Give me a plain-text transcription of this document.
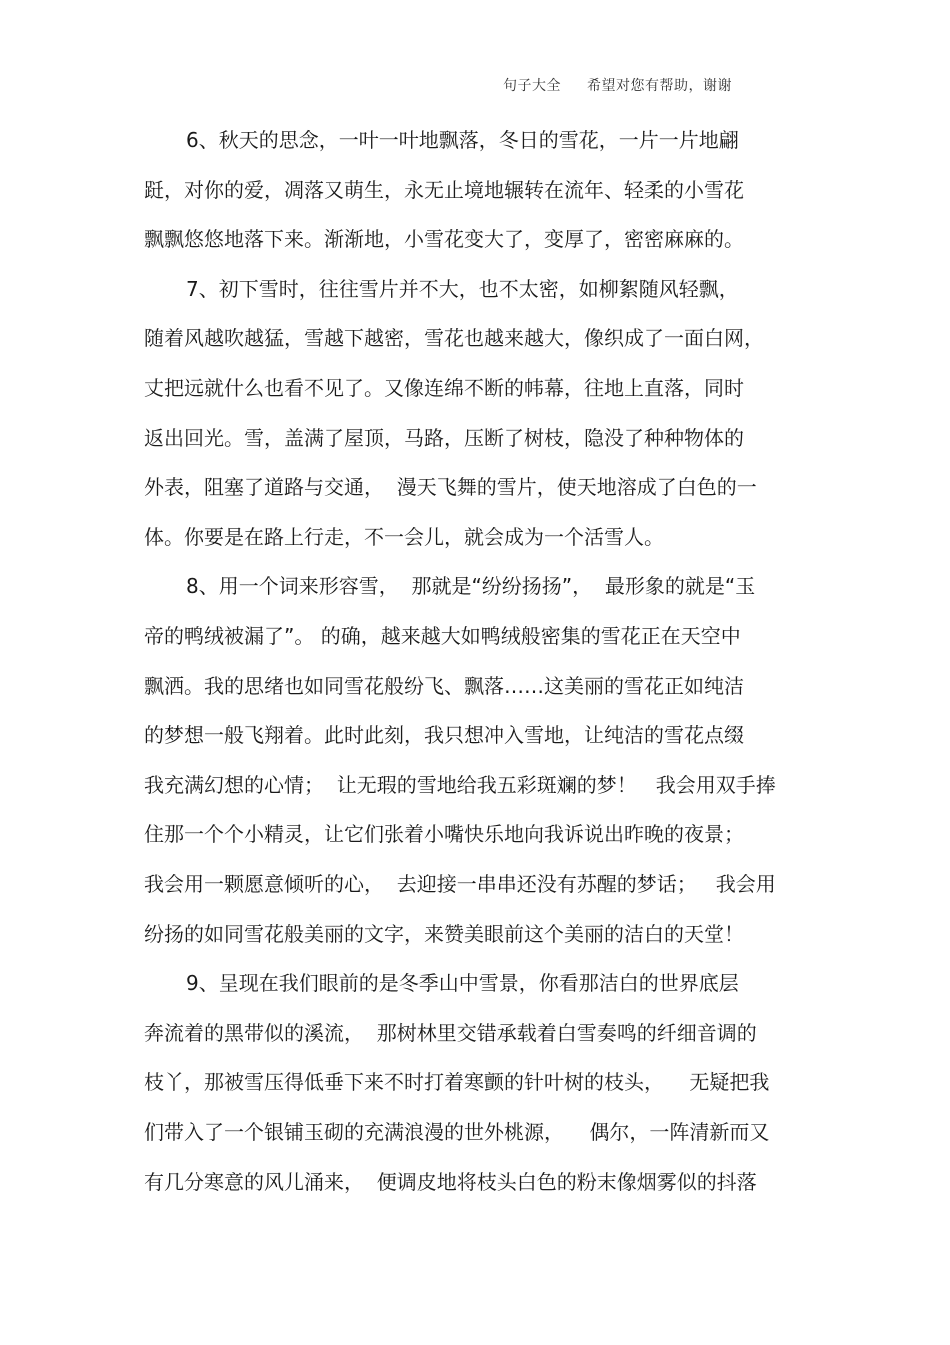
句子大全 希望对您有帮助，谢谢
6、秋天的思念，一叶一叶地飘落，冬日的雪花，一片一片地翩
跹，对你的爱，凋落又萌生，永无止境地辗转在流年、轻柔的小雪花
飘飘悠悠地落下来。渐渐地，小雪花变大了，变厚了，密密麻麻的。
7、初下雪时，往往雪片并不大，也不太密，如柳絮随风轻飘，
随着风越吹越猛，雪越下越密，雪花也越来越大，像织成了一面白网，
丈把远就什么也看不见了。又像连绵不断的帏幕，往地上直落，同时
返出回光。雪，盖满了屋顶，马路，压断了树枝，隐没了种种物体的
外表，阻塞了道路与交通，  漫天飞舞的雪片，使天地溶成了白色的一
体。你要是在路上行走，不一会儿，就会成为一个活雪人。
8、用一个词来形容雪，  那就是“纷纷扬扬”，  最形象的就是“玉
帝的鸭绒被漏了”。 的确，越来越大如鸭绒般密集的雪花正在天空中
飘洒。我的思绪也如同雪花般纷飞、飘落……这美丽的雪花正如纯洁
的梦想一般飞翔着。此时此刻，我只想冲入雪地，让纯洁的雪花点缀
我充满幻想的心情；  让无瑕的雪地给我五彩斑斓的梦！   我会用双手捧
住那一个个小精灵，让它们张着小嘴快乐地向我诉说出昨晚的夜景；
我会用一颗愿意倾听的心，  去迎接一串串还没有苏醒的梦话；   我会用
纷扬的如同雪花般美丽的文字，来赞美眼前这个美丽的洁白的天堂！
9、呈现在我们眼前的是冬季山中雪景，你看那洁白的世界底层
奔流着的黑带似的溪流，  那树林里交错承载着白雪奏鸣的纤细音调的
枝丫，那被雪压得低垂下来不时打着寒颤的针叶树的枝头，    无疑把我
们带入了一个银铺玉砌的充满浪漫的世外桃源，    偶尔，一阵清新而又
有几分寒意的风儿涌来，  便调皮地将枝头白色的粉末像烟雾似的抖落
